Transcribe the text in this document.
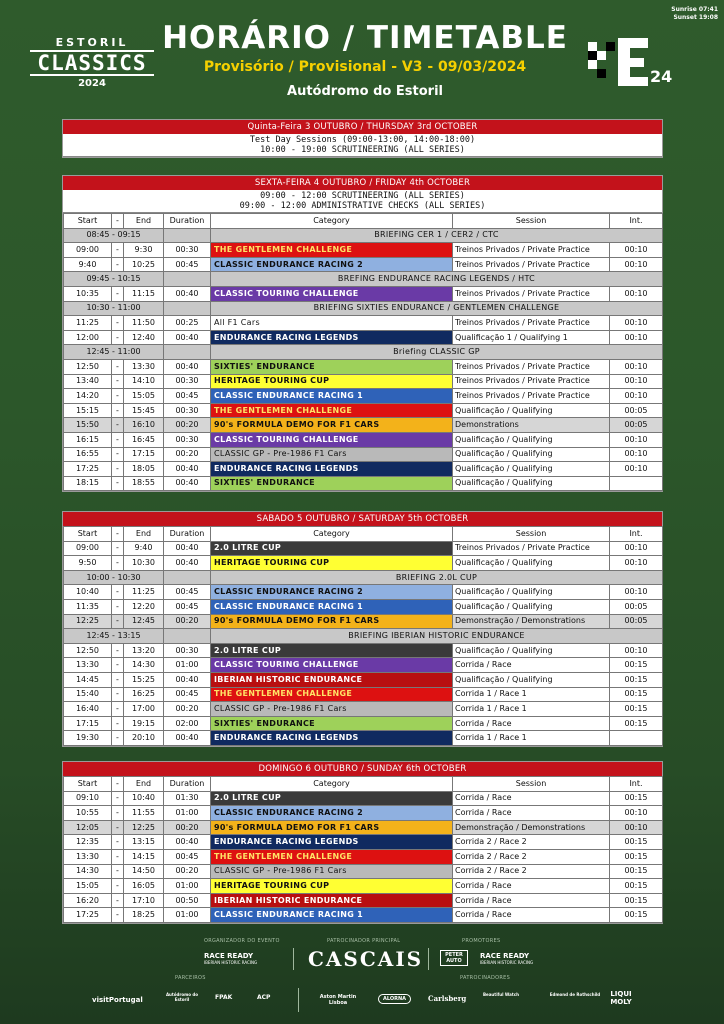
ESTORIL
CLASSICS
2024
HORÁRIO / TIMETABLE
Provisório / Provisional - V3 - 09/03/2024
Autódromo do Estoril
Sunrise 07:41
Sunset 19:08
24
Quinta-Feira 3 OUTUBRO / THURSDAY 3rd OCTOBER
Test Day Sessions (09:00-13:00, 14:00-18:00)
10:00 - 19:00 SCRUTINEERING (ALL SERIES)
SEXTA-FEIRA 4 OUTUBRO / FRIDAY 4th OCTOBER
09:00 - 12:00 SCRUTINEERING (ALL SERIES)
09:00 - 12:00 ADMINISTRATIVE CHECKS (ALL SERIES)
Start	-	End	Duration	Category	Session	Int.
08:45 - 09:15				BRIEFING CER 1 / CER2 / CTC		
09:00	-	9:30	00:30	THE GENTLEMEN CHALLENGE	Treinos Privados / Private Practice	00:10
9:40	-	10:25	00:45	CLASSIC ENDURANCE RACING 2	Treinos Privados / Private Practice	00:10
09:45 - 10:15				BREFING ENDURANCE RACING LEGENDS / HTC		
10:35	-	11:15	00:40	CLASSIC TOURING CHALLENGE	Treinos Privados / Private Practice	00:10
10:30 - 11:00				BRIEFING SIXTIES ENDURANCE / GENTLEMEN CHALLENGE		
11:25	-	11:50	00:25	All F1 Cars	Treinos Privados / Private Practice	00:10
12:00	-	12:40	00:40	ENDURANCE RACING LEGENDS	Qualificação 1 / Qualifying 1	00:10
12:45 - 11:00				Briefing CLASSIC GP		
12:50	-	13:30	00:40	SIXTIES' ENDURANCE	Treinos Privados / Private Practice	00:10
13:40	-	14:10	00:30	HERITAGE TOURING CUP	Treinos Privados / Private Practice	00:10
14:20	-	15:05	00:45	CLASSIC ENDURANCE RACING 1	Treinos Privados / Private Practice	00:10
15:15	-	15:45	00:30	THE GENTLEMEN CHALLENGE	Qualificação / Qualifying	00:05
15:50	-	16:10	00:20	90's FORMULA DEMO FOR F1 CARS	Demonstrations	00:05
16:15	-	16:45	00:30	CLASSIC TOURING CHALLENGE	Qualificação / Qualifying	00:10
16:55	-	17:15	00:20	CLASSIC GP - Pre-1986 F1 Cars	Qualificação / Qualifying	00:10
17:25	-	18:05	00:40	ENDURANCE RACING LEGENDS	Qualificação / Qualifying	00:10
18:15	-	18:55	00:40	SIXTIES' ENDURANCE	Qualificação / Qualifying	
SABADO 5 OUTUBRO / SATURDAY 5th OCTOBER
Start	-	End	Duration	Category	Session	Int.
09:00	-	9:40	00:40	2.0 LITRE CUP	Treinos Privados / Private Practice	00:10
9:50	-	10:30	00:40	HERITAGE TOURING CUP	Qualificação / Qualifying	00:10
10:00 - 10:30				BRIEFING 2.0L CUP		
10:40	-	11:25	00:45	CLASSIC ENDURANCE RACING 2	Qualificação / Qualifying	00:10
11:35	-	12:20	00:45	CLASSIC ENDURANCE RACING 1	Qualificação / Qualifying	00:05
12:25	-	12:45	00:20	90's FORMULA DEMO FOR F1 CARS	Demonstração / Demonstrations	00:05
12:45 - 13:15				BRIEFING IBERIAN HISTORIC ENDURANCE		
12:50	-	13:20	00:30	2.0 LITRE CUP	Qualificação / Qualifying	00:10
13:30	-	14:30	01:00	CLASSIC TOURING CHALLENGE	Corrida / Race	00:15
14:45	-	15:25	00:40	IBERIAN HISTORIC ENDURANCE	Qualificação / Qualifying	00:15
15:40	-	16:25	00:45	THE GENTLEMEN CHALLENGE	Corrida 1 / Race 1	00:15
16:40	-	17:00	00:20	CLASSIC GP - Pre-1986 F1 Cars	Corrida 1 / Race 1	00:15
17:15	-	19:15	02:00	SIXTIES' ENDURANCE	Corrida / Race	00:15
19:30	-	20:10	00:40	ENDURANCE RACING LEGENDS	Corrida 1 / Race 1	
DOMINGO 6 OUTUBRO / SUNDAY 6th OCTOBER
Start	-	End	Duration	Category	Session	Int.
09:10	-	10:40	01:30	2.0 LITRE CUP	Corrida / Race	00:15
10:55	-	11:55	01:00	CLASSIC ENDURANCE RACING 2	Corrida / Race	00:10
12:05	-	12:25	00:20	90's FORMULA DEMO FOR F1 CARS	Demonstração / Demonstrations	00:10
12:35	-	13:15	00:40	ENDURANCE RACING LEGENDS	Corrida 2 / Race 2	00:15
13:30	-	14:15	00:45	THE GENTLEMEN CHALLENGE	Corrida 2 / Race 2	00:15
14:30	-	14:50	00:20	CLASSIC GP - Pre-1986 F1 Cars	Corrida 2 / Race 2	00:15
15:05	-	16:05	01:00	HERITAGE TOURING CUP	Corrida / Race	00:15
16:20	-	17:10	00:50	IBERIAN HISTORIC ENDURANCE	Corrida / Race	00:15
17:25	-	18:25	01:00	CLASSIC ENDURANCE RACING 1	Corrida / Race	00:15
ORGANIZADOR DO EVENTO	PATROCINADOR PRINCIPAL	PROMOTORES
RACE READY
IBERIAN HISTORIC RACING	CASCAIS	PETER AUTO
RACE READY
IBERIAN HISTORIC RACING
PARCEIROS	PATROCINADORES
visitPortugal
Autódromo do Estoril	FPAK	ACP	Aston Martin Lisboa
ALORNA	Carlsberg	Beautiful Watch	Edmond de Rothschild	LIQUI MOLY
